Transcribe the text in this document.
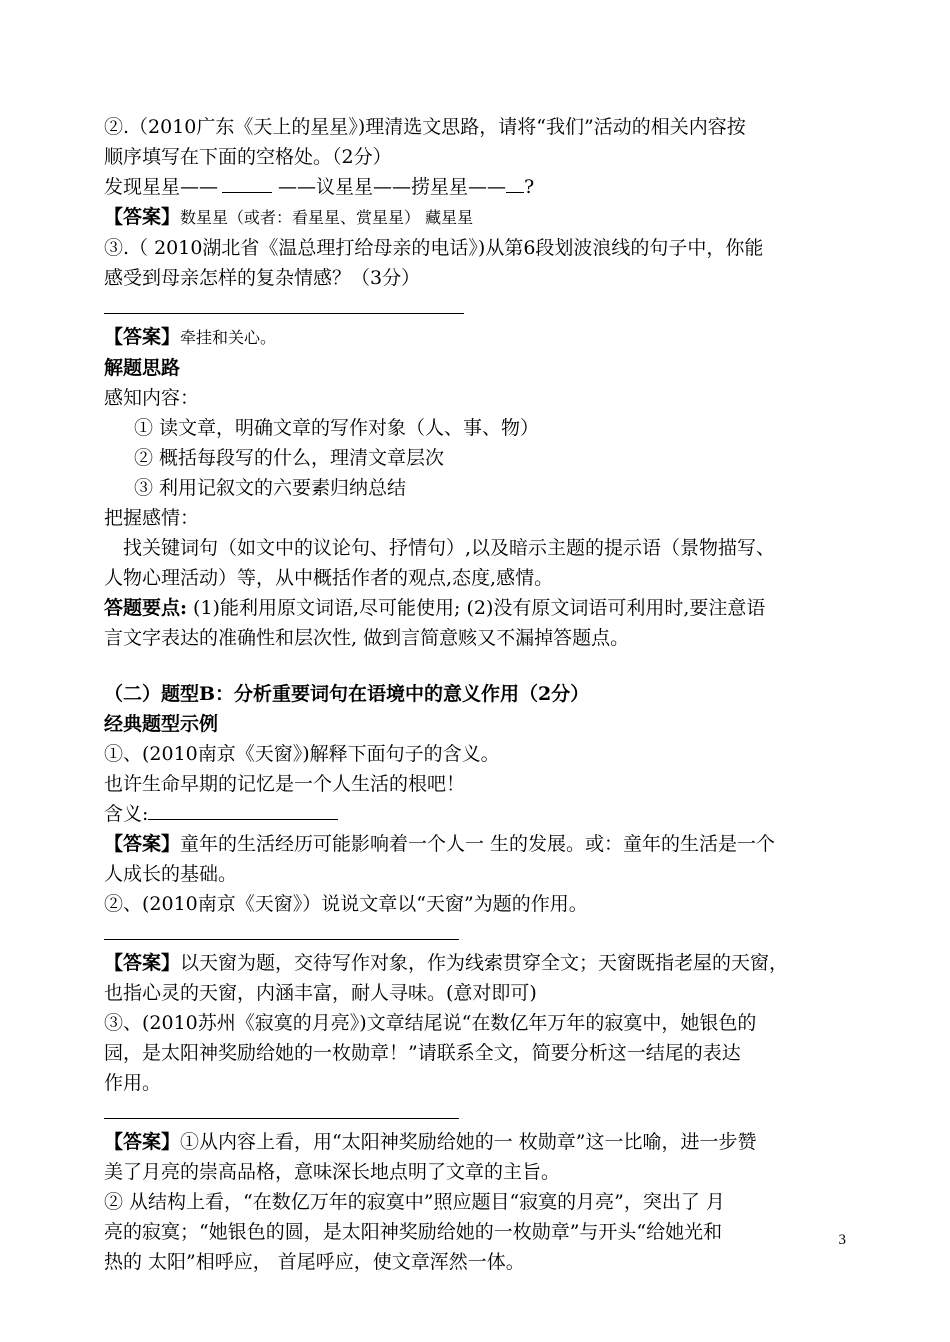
②.（2010广东《天上的星星》)理清选文思路，请将“我们”活动的相关内容按

顺序填写在下面的空格处。（2分）

发现星星——	——议星星——捞星星—— ?

【答案】数星星（或者：看星星、赏星星） 藏星星

③.（ 2010湖北省《温总理打给母亲的电话》)从第6段划波浪线的句子中，你能

感受到母亲怎样的复杂情感？（3分）

【答案】牵挂和关心。

解题思路

感知内容：

① 读文章，明确文章的写作对象（人、事、物）

② 概括每段写的什么，理清文章层次

③ 利用记叙文的六要素归纳总结

把握感情：

找关键词句（如文中的议论句、抒情句）,以及暗示主题的提示语（景物描写、

人物心理活动）等，从中概括作者的观点,态度,感情。

答题要点: (1)能利用原文词语,尽可能使用; (2)没有原文词语可利用时,要注意语

言文字表达的准确性和层次性, 做到言简意赅又不漏掉答题点。

（二）题型B：分析重要词句在语境中的意义作用（2分）

经典题型示例

①、(2010南京《天窗》)解释下面句子的含义。

也许生命早期的记忆是一个人生活的根吧！

含义:

【答案】童年的生活经历可能影响着一个人一 生的发展。或：童年的生活是一个

人成长的基础。

②、(2010南京《天窗》）说说文章以“天窗”为题的作用。

【答案】以天窗为题，交待写作对象，作为线索贯穿全文；天窗既指老屋的天窗，

也指心灵的天窗，内涵丰富，耐人寻味。(意对即可)

③、(2010苏州《寂寞的月亮》)文章结尾说“在数亿年万年的寂寞中，她银色的

园，是太阳神奖励给她的一枚勋章！”请联系全文，简要分析这一结尾的表达

作用。

【答案】①从内容上看，用“太阳神奖励给她的一 枚勋章”这一比喻，进一步赞

美了月亮的崇高品格，意味深长地点明了文章的主旨。

② 从结构上看，“在数亿万年的寂寞中”照应题目“寂寞的月亮”，突出了 月

亮的寂寞；“她银色的圆，是太阳神奖励给她的一枚勋章”与开头“给她光和

热的 太阳”相呼应， 首尾呼应，使文章浑然一体。

3
